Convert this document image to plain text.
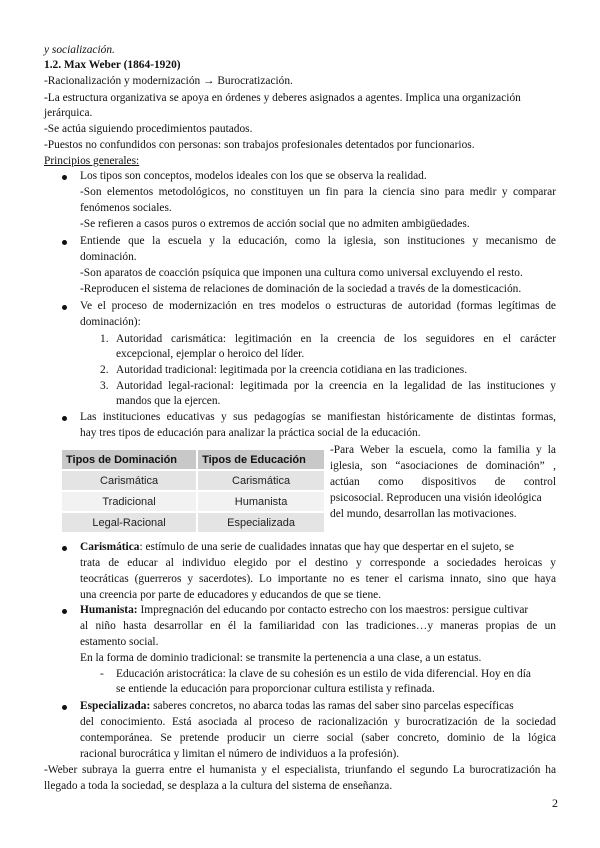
y socialización.
1.2. Max Weber (1864-1920)
-Racionalización y modernización → Burocratización.
-La estructura organizativa se apoya en órdenes y deberes asignados a agentes. Implica una organización
jerárquica.
-Se actúa siguiendo procedimientos pautados.
-Puestos no confundidos con personas: son trabajos profesionales detentados por funcionarios.
Principios generales:
Los tipos son conceptos, modelos ideales con los que se observa la realidad.
-Son elementos metodológicos, no constituyen un fin para la ciencia sino para medir y comparar
fenómenos sociales.
-Se refieren a casos puros o extremos de acción social que no admiten ambigüedades.
Entiende que la escuela y la educación, como la iglesia, son instituciones y mecanismo de
dominación.
-Son aparatos de coacción psíquica que imponen una cultura como universal excluyendo el resto.
-Reproducen el sistema de relaciones de dominación de la sociedad a través de la domesticación.
Ve el proceso de modernización en tres modelos o estructuras de autoridad (formas legítimas de
dominación):
1. Autoridad carismática: legitimación en la creencia de los seguidores en el carácter
excepcional, ejemplar o heroico del líder.
2. Autoridad tradicional: legitimada por la creencia cotidiana en las tradiciones.
3. Autoridad legal-racional: legitimada por la creencia en la legalidad de las instituciones y
mandos que la ejercen.
Las instituciones educativas y sus pedagogías se manifiestan históricamente de distintas formas,
hay tres tipos de educación para analizar la práctica social de la educación.
Tipos de Dominación	Tipos de Educación
Carismática	Carismática
Tradicional	Humanista
Legal-Racional	Especializada
-Para Weber la escuela, como la familia y la
iglesia, son “asociaciones de dominación” ,
actúan como dispositivos de control
psicosocial. Reproducen una visión ideológica
del mundo, desarrollan las motivaciones.
Carismática: estímulo de una serie de cualidades innatas que hay que despertar en el sujeto, se
trata de educar al individuo elegido por el destino y corresponde a sociedades heroicas y
teocráticas (guerreros y sacerdotes). Lo importante no es tener el carisma innato, sino que haya
una creencia por parte de educadores y educandos de que se tiene.
Humanista: Impregnación del educando por contacto estrecho con los maestros: persigue cultivar
al niño hasta desarrollar en él la familiaridad con las tradiciones…y maneras propias de un
estamento social.
En la forma de dominio tradicional: se transmite la pertenencia a una clase, a un estatus.
- Educación aristocrática: la clave de su cohesión es un estilo de vida diferencial. Hoy en día
se entiende la educación para proporcionar cultura estilista y refinada.
Especializada: saberes concretos, no abarca todas las ramas del saber sino parcelas específicas
del conocimiento. Está asociada al proceso de racionalización y burocratización de la sociedad
contemporánea. Se pretende producir un cierre social (saber concreto, dominio de la lógica
racional burocrática y limitan el número de individuos a la profesión).
-Weber subraya la guerra entre el humanista y el especialista, triunfando el segundo La burocratización ha
llegado a toda la sociedad, se desplaza a la cultura del sistema de enseñanza.
2
